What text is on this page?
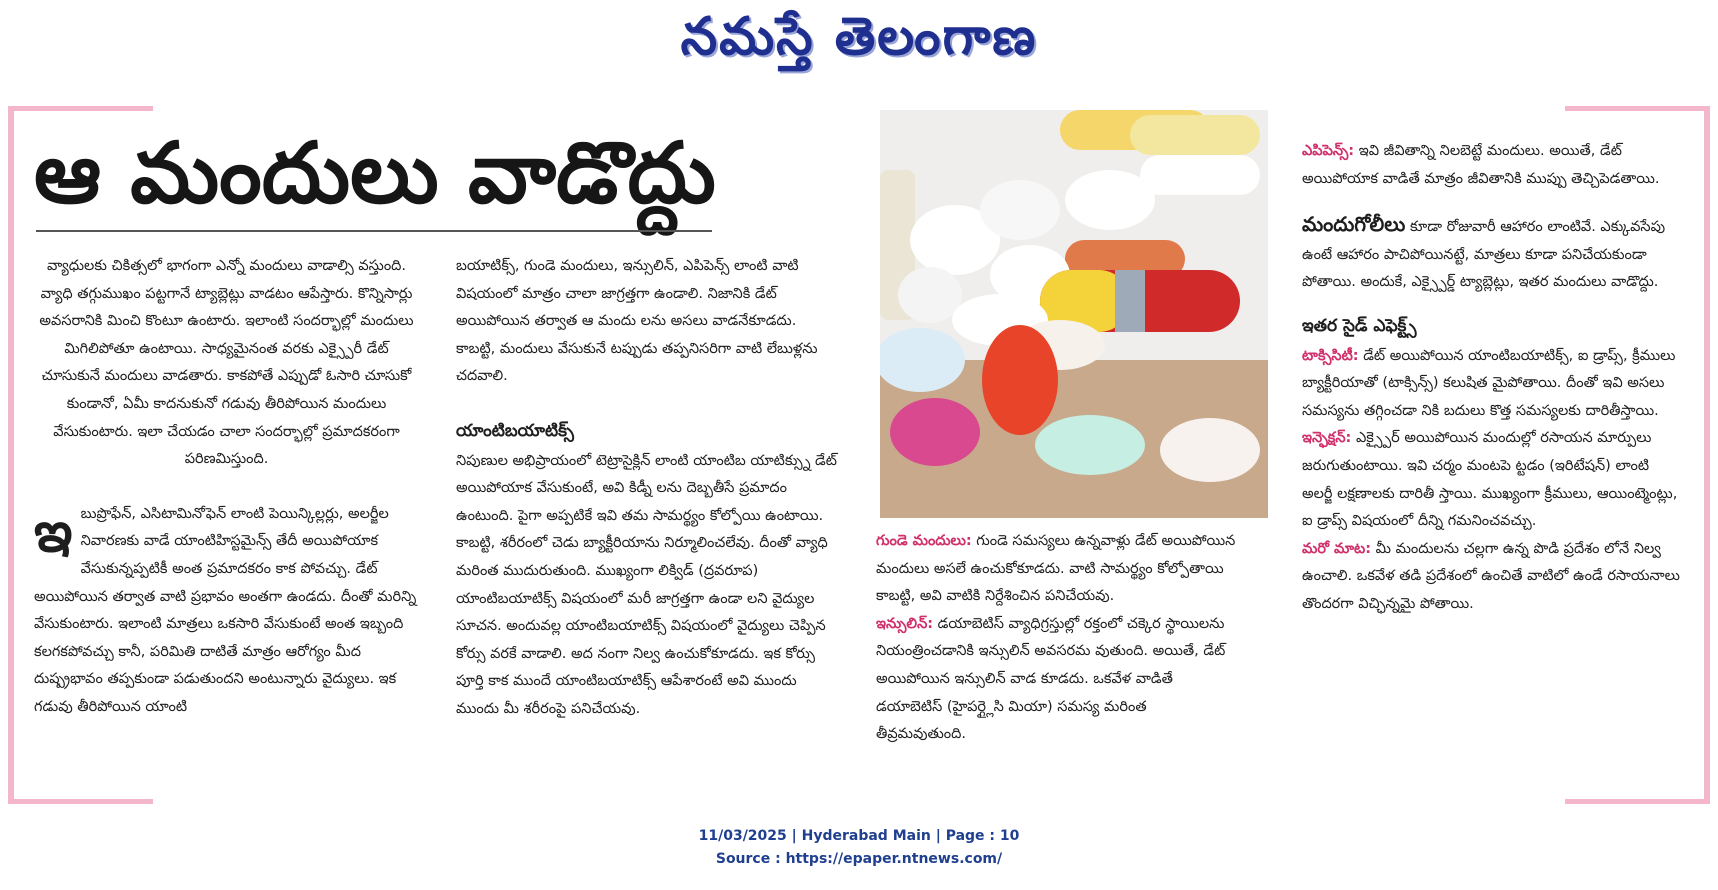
నమస్తే తెలంగాణ
ఆ మందులు వాడొద్దు

వ్యాధులకు చికిత్సలో భాగంగా ఎన్నో మందులు వాడాల్సి వస్తుంది. వ్యాధి తగ్గుముఖం పట్టగానే ట్యాబ్లెట్లు వాడటం ఆపేస్తారు. కొన్నిసార్లు అవసరానికి మించి కొంటూ ఉంటారు. ఇలాంటి సందర్భాల్లో మందులు మిగిలిపోతూ ఉంటాయి. సాధ్యమైనంత వరకు ఎక్స్పైరీ డేట్ చూసుకునే మందులు వాడతారు. కాకపోతే ఎప్పుడో ఓసారి చూసుకో కుండానో, ఏమీ కాదనుకునో గడువు తీరిపోయిన మందులు వేసుకుంటారు. ఇలా చేయడం చాలా సందర్భాల్లో ప్రమాదకరంగా పరిణమిస్తుంది.

ఇ బుప్రొఫేన్, ఎసిటామినోఫెన్ లాంటి పెయిన్కిల్లర్లు, అలర్జీల నివారణకు వాడే యాంటిహిస్టమైన్స్ తేదీ అయిపోయాక వేసుకున్నప్పటికీ అంత ప్రమాదకరం కాక పోవచ్చు. డేట్ అయిపోయిన తర్వాత వాటి ప్రభావం అంతగా ఉండదు. దీంతో మరిన్ని వేసుకుంటారు. ఇలాంటి మాత్రలు ఒకసారి వేసుకుంటే అంత ఇబ్బంది కలగకపోవచ్చు కానీ, పరిమితి దాటితే మాత్రం ఆరోగ్యం మీద దుష్ప్రభావం తప్పకుండా పడుతుందని అంటున్నారు వైద్యులు. ఇక గడువు తీరిపోయిన యాంటి

బయాటిక్స్, గుండె మందులు, ఇన్సులిన్, ఎపిపెన్స్ లాంటి వాటి విషయంలో మాత్రం చాలా జాగ్రత్తగా ఉండాలి. నిజానికి డేట్ అయిపోయిన తర్వాత ఆ మందు లను అసలు వాడనేకూడదు. కాబట్టి, మందులు వేసుకునే టప్పుడు తప్పనిసరిగా వాటి లేబుళ్లను చదవాలి.

యాంటిబయాటిక్స్

నిపుణుల అభిప్రాయంలో టెట్రాసైక్లిన్ లాంటి యాంటిబ యాటిక్స్ను డేట్ అయిపోయాక వేసుకుంటే, అవి కిడ్నీ లను దెబ్బతీసే ప్రమాదం ఉంటుంది. పైగా అప్పటికే ఇవి తమ సామర్థ్యం కోల్పోయి ఉంటాయి. కాబట్టి, శరీరంలో చెడు బ్యాక్టీరియాను నిర్మూలించలేవు. దీంతో వ్యాధి మరింత ముదురుతుంది. ముఖ్యంగా లిక్విడ్ (ద్రవరూప) యాంటిబయాటిక్స్ విషయంలో మరీ జాగ్రత్తగా ఉండా లని వైద్యుల సూచన. అందువల్ల యాంటిబయాటిక్స్ విషయంలో వైద్యులు చెప్పిన కోర్సు వరకే వాడాలి. అద నంగా నిల్వ ఉంచుకోకూడదు. ఇక కోర్సు పూర్తి కాక ముందే యాంటిబయాటిక్స్ ఆపేశారంటే అవి ముందు ముందు మీ శరీరంపై పనిచేయవు.

గుండె మందులు: గుండె సమస్యలు ఉన్నవాళ్లు డేట్ అయిపోయిన మందులు అసలే ఉంచుకోకూడదు. వాటి సామర్థ్యం కోల్పోతాయి కాబట్టి, అవి వాటికి నిర్దేశించిన పనిచేయవు.
ఇన్సులిన్: డయాబెటిస్ వ్యాధిగ్రస్తుల్లో రక్తంలో చక్కెర స్థాయిలను నియంత్రించడానికి ఇన్సులిన్ అవసరమ వుతుంది. అయితే, డేట్ అయిపోయిన ఇన్సులిన్ వాడ కూడదు. ఒకవేళ వాడితే డయాబెటిస్ (హైపర్గ్లైసి మియా) సమస్య మరింత తీవ్రమవుతుంది.

ఎపిపెన్స్: ఇవి జీవితాన్ని నిలబెట్టే మందులు. అయితే, డేట్ అయిపోయాక వాడితే మాత్రం జీవితానికి ముప్పు తెచ్చిపెడతాయి.

మందుగోలీలు కూడా రోజువారీ ఆహారం లాంటివే. ఎక్కువసేపు ఉంటే ఆహారం పాచిపోయినట్టే, మాత్రలు కూడా పనిచేయకుండా పోతాయి. అందుకే, ఎక్స్పైర్డ్ ట్యాబ్లెట్లు, ఇతర మందులు వాడొద్దు.

ఇతర సైడ్ ఎఫెక్ట్స్
టాక్సిసిటీ: డేట్ అయిపోయిన యాంటిబయాటిక్స్, ఐ డ్రాప్స్, క్రీములు బ్యాక్టీరియాతో (టాక్సిన్స్) కలుషిత మైపోతాయి. దీంతో ఇవి అసలు సమస్యను తగ్గించడా నికి బదులు కొత్త సమస్యలకు దారితీస్తాయి.
ఇన్ఫెక్షన్: ఎక్స్పైర్ అయిపోయిన మందుల్లో రసాయన మార్పులు జరుగుతుంటాయి. ఇవి చర్మం మంటపె ట్టడం (ఇరిటేషన్) లాంటి అలర్జీ లక్షణాలకు దారితీ స్తాయి. ముఖ్యంగా క్రీములు, ఆయింట్మెంట్లు, ఐ డ్రాప్స్ విషయంలో దీన్ని గమనించవచ్చు.
మరో మాట: మీ మందులను చల్లగా ఉన్న పొడి ప్రదేశం లోనే నిల్వ ఉంచాలి. ఒకవేళ తడి ప్రదేశంలో ఉంచితే వాటిలో ఉండే రసాయనాలు తొందరగా విచ్ఛిన్నమై పోతాయి.
11/03/2025 | Hyderabad Main | Page : 10
Source : https://epaper.ntnews.com/
